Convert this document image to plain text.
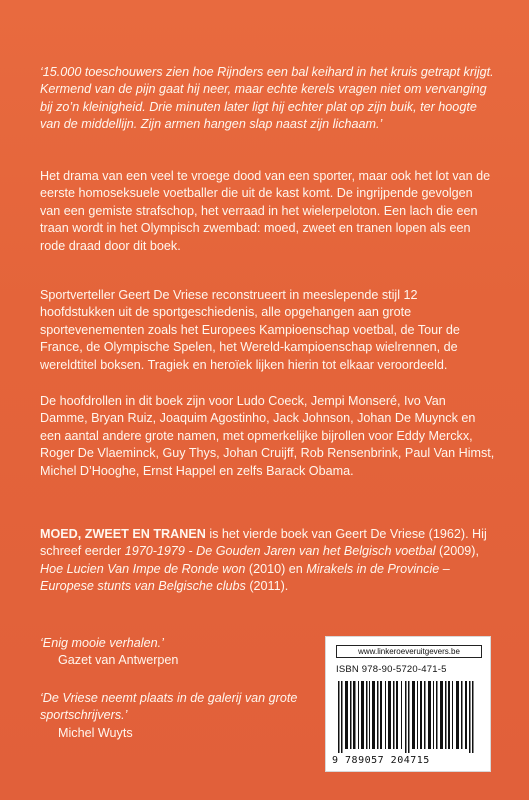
‘15.000 toeschouwers zien hoe Rijnders een bal keihard in het kruis getrapt krijgt. Kermend van de pijn gaat hij neer, maar echte kerels vragen niet om vervanging bij zo’n kleinigheid. Drie minuten later ligt hij echter plat op zijn buik, ter hoogte van de middellijn. Zijn armen hangen slap naast zijn lichaam.’

Het drama van een veel te vroege dood van een sporter, maar ook het lot van de eerste homoseksuele voetballer die uit de kast komt. De ingrijpende gevolgen van een gemiste strafschop, het verraad in het wielerpeloton. Een lach die een traan wordt in het Olympisch zwembad: moed, zweet en tranen lopen als een rode draad door dit boek.

Sportverteller Geert De Vriese reconstrueert in meeslepende stijl 12 hoofdstukken uit de sportgeschiedenis, alle opgehangen aan grote sportevenementen zoals het Europees Kampioenschap voetbal, de Tour de France, de Olympische Spelen, het Wereld-kampioenschap wielrennen, de wereldtitel boksen. Tragiek en heroïek lijken hierin tot elkaar veroordeeld.

De hoofdrollen in dit boek zijn voor Ludo Coeck, Jempi Monseré, Ivo Van Damme, Bryan Ruiz, Joaquim Agostinho, Jack Johnson, Johan De Muynck en een aantal andere grote namen, met opmerkelijke bijrollen voor Eddy Merckx, Roger De Vlaeminck, Guy Thys, Johan Cruijff, Rob Rensenbrink, Paul Van Himst, Michel D’Hooghe, Ernst Happel en zelfs Barack Obama.

MOED, ZWEET EN TRANEN is het vierde boek van Geert De Vriese (1962). Hij schreef eerder 1970-1979 - De Gouden Jaren van het Belgisch voetbal (2009), Hoe Lucien Van Impe de Ronde won (2010) en Mirakels in de Provincie – Europese stunts van Belgische clubs (2011).

‘Enig mooie verhalen.’
Gazet van Antwerpen
‘De Vriese neemt plaats in de galerij van grote sportschrijvers.’
Michel Wuyts
www.linkeroeveruitgevers.be
ISBN 978-90-5720-471-5
9 789057 204715
